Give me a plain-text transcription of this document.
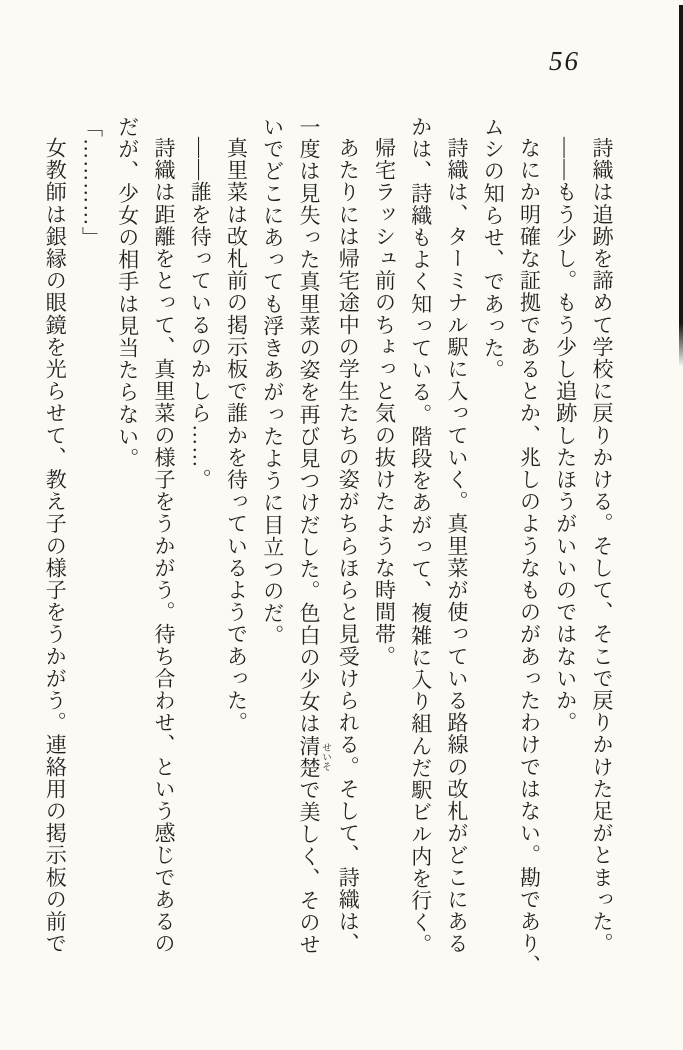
56

詩織は追跡を諦めて学校に戻りかける。そして、そこで戻りかけた足がとまった。

――もう少し。もう少し追跡したほうがいいのではないか。

なにか明確な証拠であるとか、兆しのようなものがあったわけではない。勘であり、

ムシの知らせ、であった。

詩織は、ターミナル駅に入っていく。真里菜が使っている路線の改札がどこにある

かは、詩織もよく知っている。階段をあがって、複雑に入り組んだ駅ビル内を行く。

帰宅ラッシュ前のちょっと気の抜けたような時間帯。

あたりには帰宅途中の学生たちの姿がちらほらと見受けられる。そして、詩織は、

一度は見失った真里菜の姿を再び見つけだした。色白の少女は清楚 せいそで美しく、そのせ

いでどこにあっても浮きあがったように目立つのだ。

真里菜は改札前の掲示板で誰かを待っているようであった。

――誰を待っているのかしら……。

詩織は距離をとって、真里菜の様子をうかがう。待ち合わせ、という感じであるの

だが、少女の相手は見当たらない。

「…………」

女教師は銀縁の眼鏡を光らせて、教え子の様子をうかがう。連絡用の掲示板の前で
